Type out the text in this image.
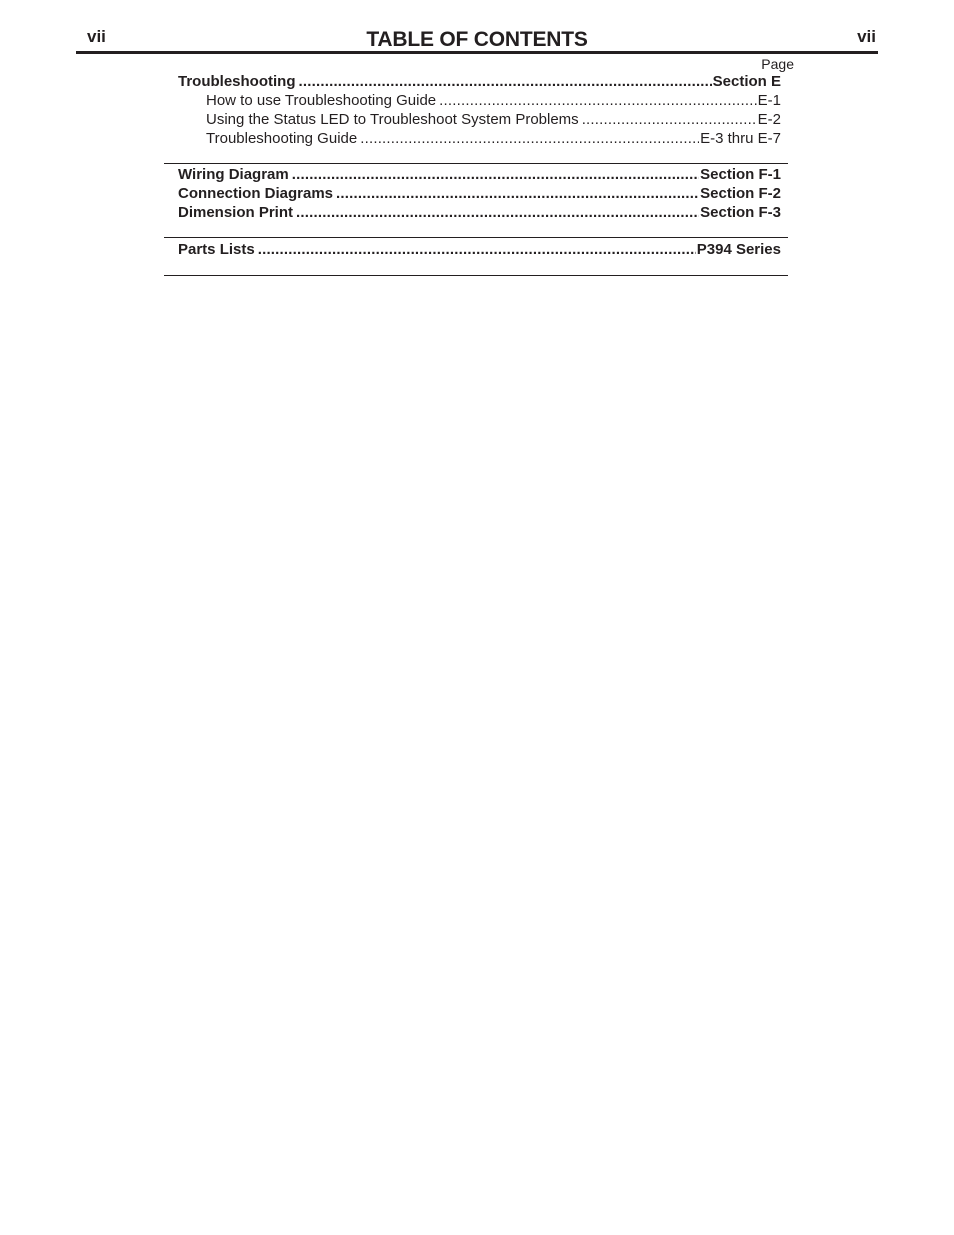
vii	TABLE OF CONTENTS	vii
Page
Troubleshooting .....	Section E
How to use Troubleshooting Guide .....	E-1
Using the Status LED to Troubleshoot System Problems .....	E-2
Troubleshooting Guide .....	E-3 thru E-7
Wiring Diagram .....	Section F-1
Connection Diagrams .....	Section F-2
Dimension Print .....	Section F-3
Parts Lists .....	P394 Series
